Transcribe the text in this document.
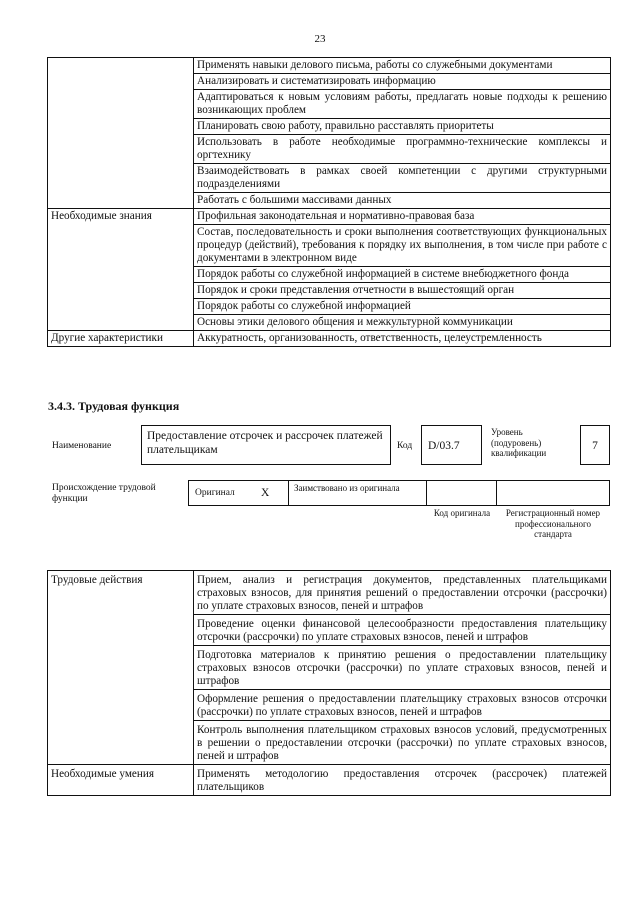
23
	Применять навыки делового письма, работы со служебными документами
	Анализировать и систематизировать информацию
	Адаптироваться к новым условиям работы, предлагать новые подходы к решению возникающих проблем
	Планировать свою работу, правильно расставлять приоритеты
	Использовать в работе необходимые программно-технические комплексы и оргтехнику
	Взаимодействовать в рамках своей компетенции с другими структурными подразделениями
	Работать с большими массивами данных
Необходимые знания	Профильная законодательная и нормативно-правовая база
	Состав, последовательность и сроки выполнения соответствующих функциональных процедур (действий), требования к порядку их выполнения, в том числе при работе с документами в электронном виде
	Порядок работы со служебной информацией в системе внебюджетного фонда
	Порядок и сроки представления отчетности в вышестоящий орган
	Порядок работы со служебной информацией
	Основы этики делового общения и межкультурной коммуникации
Другие характеристики	Аккуратность, организованность, ответственность, целеустремленность
3.4.3. Трудовая функция
Наименование
Предоставление отсрочек и рассрочек платежей плательщикам	Код	D/03.7
Уровень (подуровень) квалификации
7
Происхождение трудовой функции
Оригинал X	Заимствовано из оригинала
Код оригинала	Регистрационный номер профессионального стандарта
Трудовые действия	Прием, анализ и регистрация документов, представленных плательщиками страховых взносов, для принятия решений о предоставлении отсрочки (рассрочки) по уплате страховых взносов, пеней и штрафов
	Проведение оценки финансовой целесообразности предоставления плательщику отсрочки (рассрочки) по уплате страховых взносов, пеней и штрафов
	Подготовка материалов к принятию решения о предоставлении плательщику страховых взносов отсрочки (рассрочки) по уплате страховых взносов, пеней и штрафов
	Оформление решения о предоставлении плательщику страховых взносов отсрочки (рассрочки) по уплате страховых взносов, пеней и штрафов
	Контроль выполнения плательщиком страховых взносов условий, предусмотренных в решении о предоставлении отсрочки (рассрочки) по уплате страховых взносов, пеней и штрафов
Необходимые умения	Применять методологию предоставления отсрочек (рассрочек) платежей плательщиков
